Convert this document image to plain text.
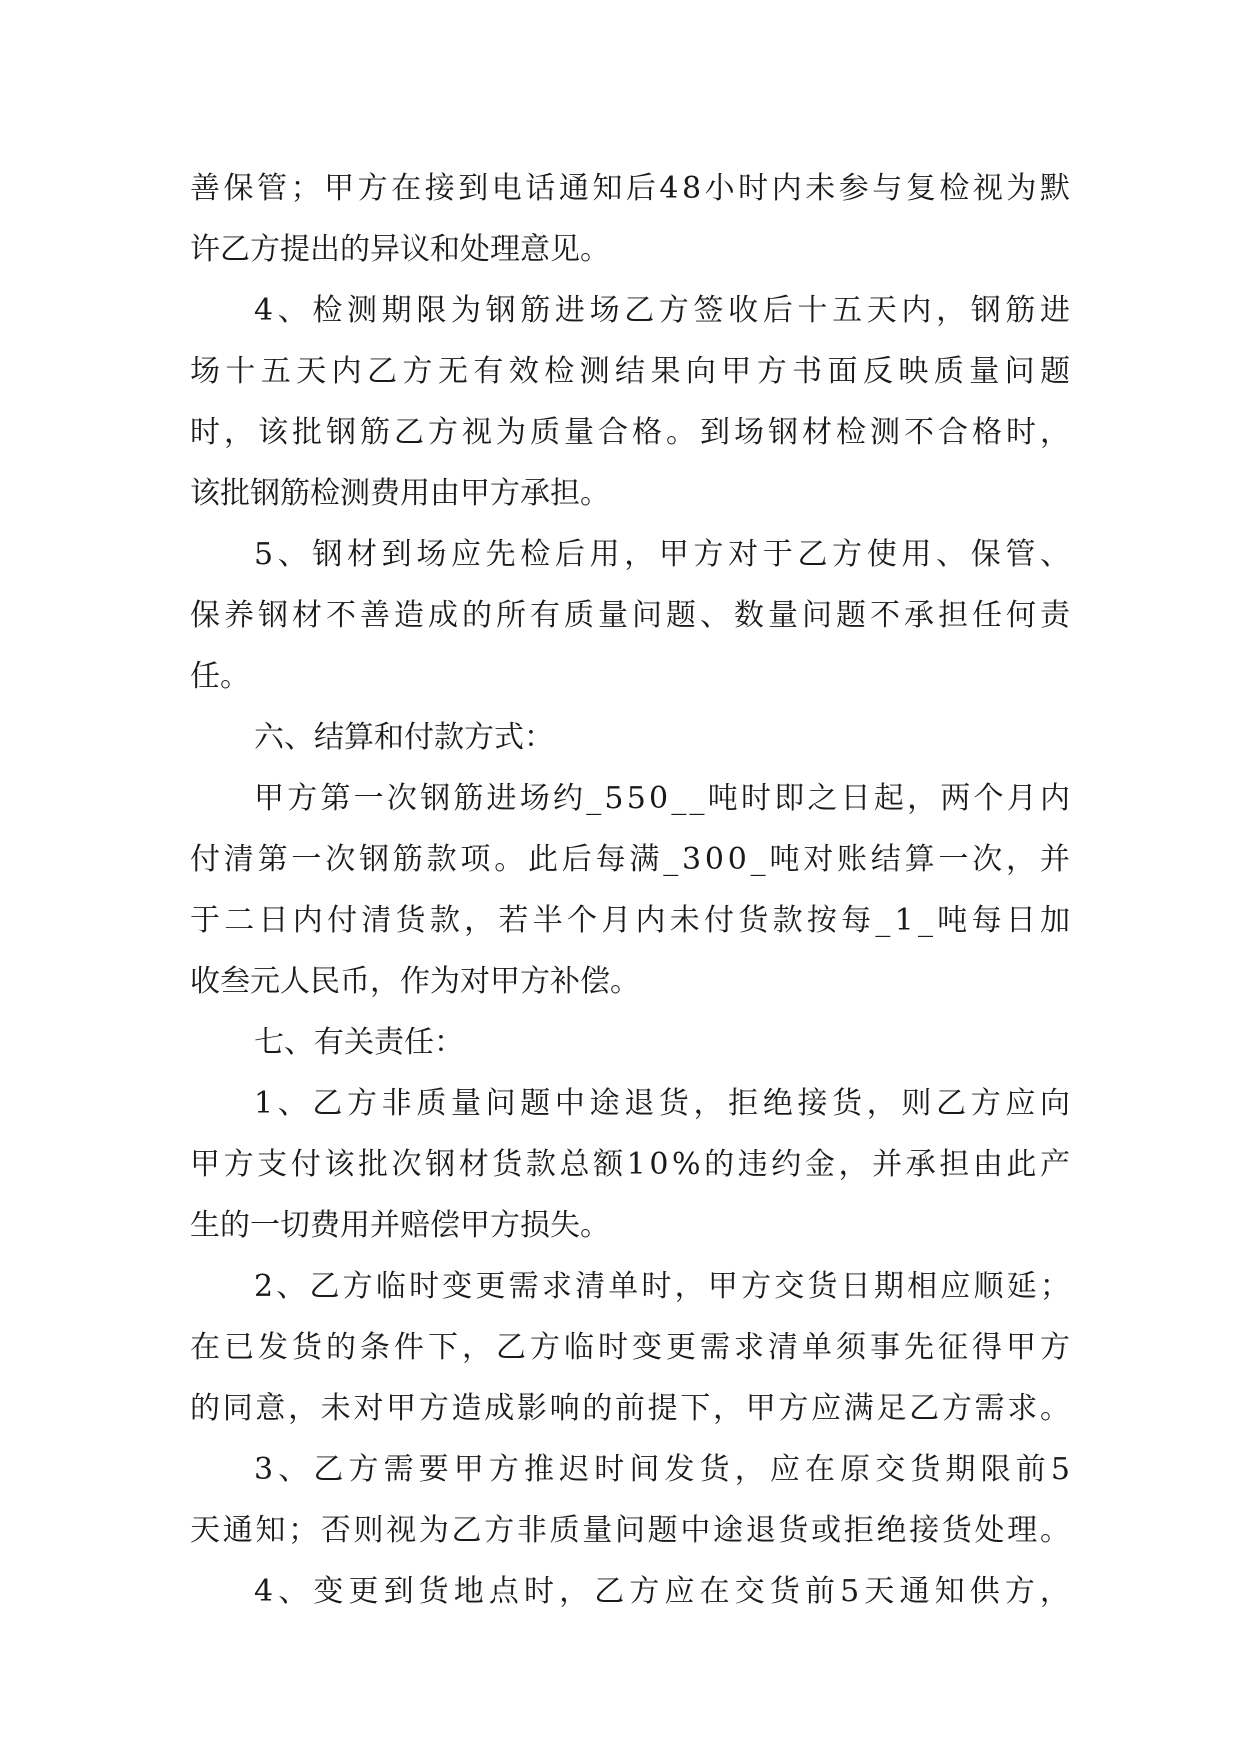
善保管；甲方在接到电话通知后48小时内未参与复检视为默
许乙方提出的异议和处理意见。
4、检测期限为钢筋进场乙方签收后十五天内，钢筋进
场十五天内乙方无有效检测结果向甲方书面反映质量问题
时，该批钢筋乙方视为质量合格。到场钢材检测不合格时，
该批钢筋检测费用由甲方承担。
5、钢材到场应先检后用，甲方对于乙方使用、保管、
保养钢材不善造成的所有质量问题、数量问题不承担任何责
任。
六、结算和付款方式：
甲方第一次钢筋进场约_550__吨时即之日起，两个月内
付清第一次钢筋款项。此后每满_300_吨对账结算一次，并
于二日内付清货款，若半个月内未付货款按每_1_吨每日加
收叁元人民币，作为对甲方补偿。
七、有关责任：
1、乙方非质量问题中途退货，拒绝接货，则乙方应向
甲方支付该批次钢材货款总额10%的违约金，并承担由此产
生的一切费用并赔偿甲方损失。
2、乙方临时变更需求清单时，甲方交货日期相应顺延；
在已发货的条件下，乙方临时变更需求清单须事先征得甲方
的同意，未对甲方造成影响的前提下，甲方应满足乙方需求。
3、乙方需要甲方推迟时间发货，应在原交货期限前5
天通知；否则视为乙方非质量问题中途退货或拒绝接货处理。
4、变更到货地点时，乙方应在交货前5天通知供方，
